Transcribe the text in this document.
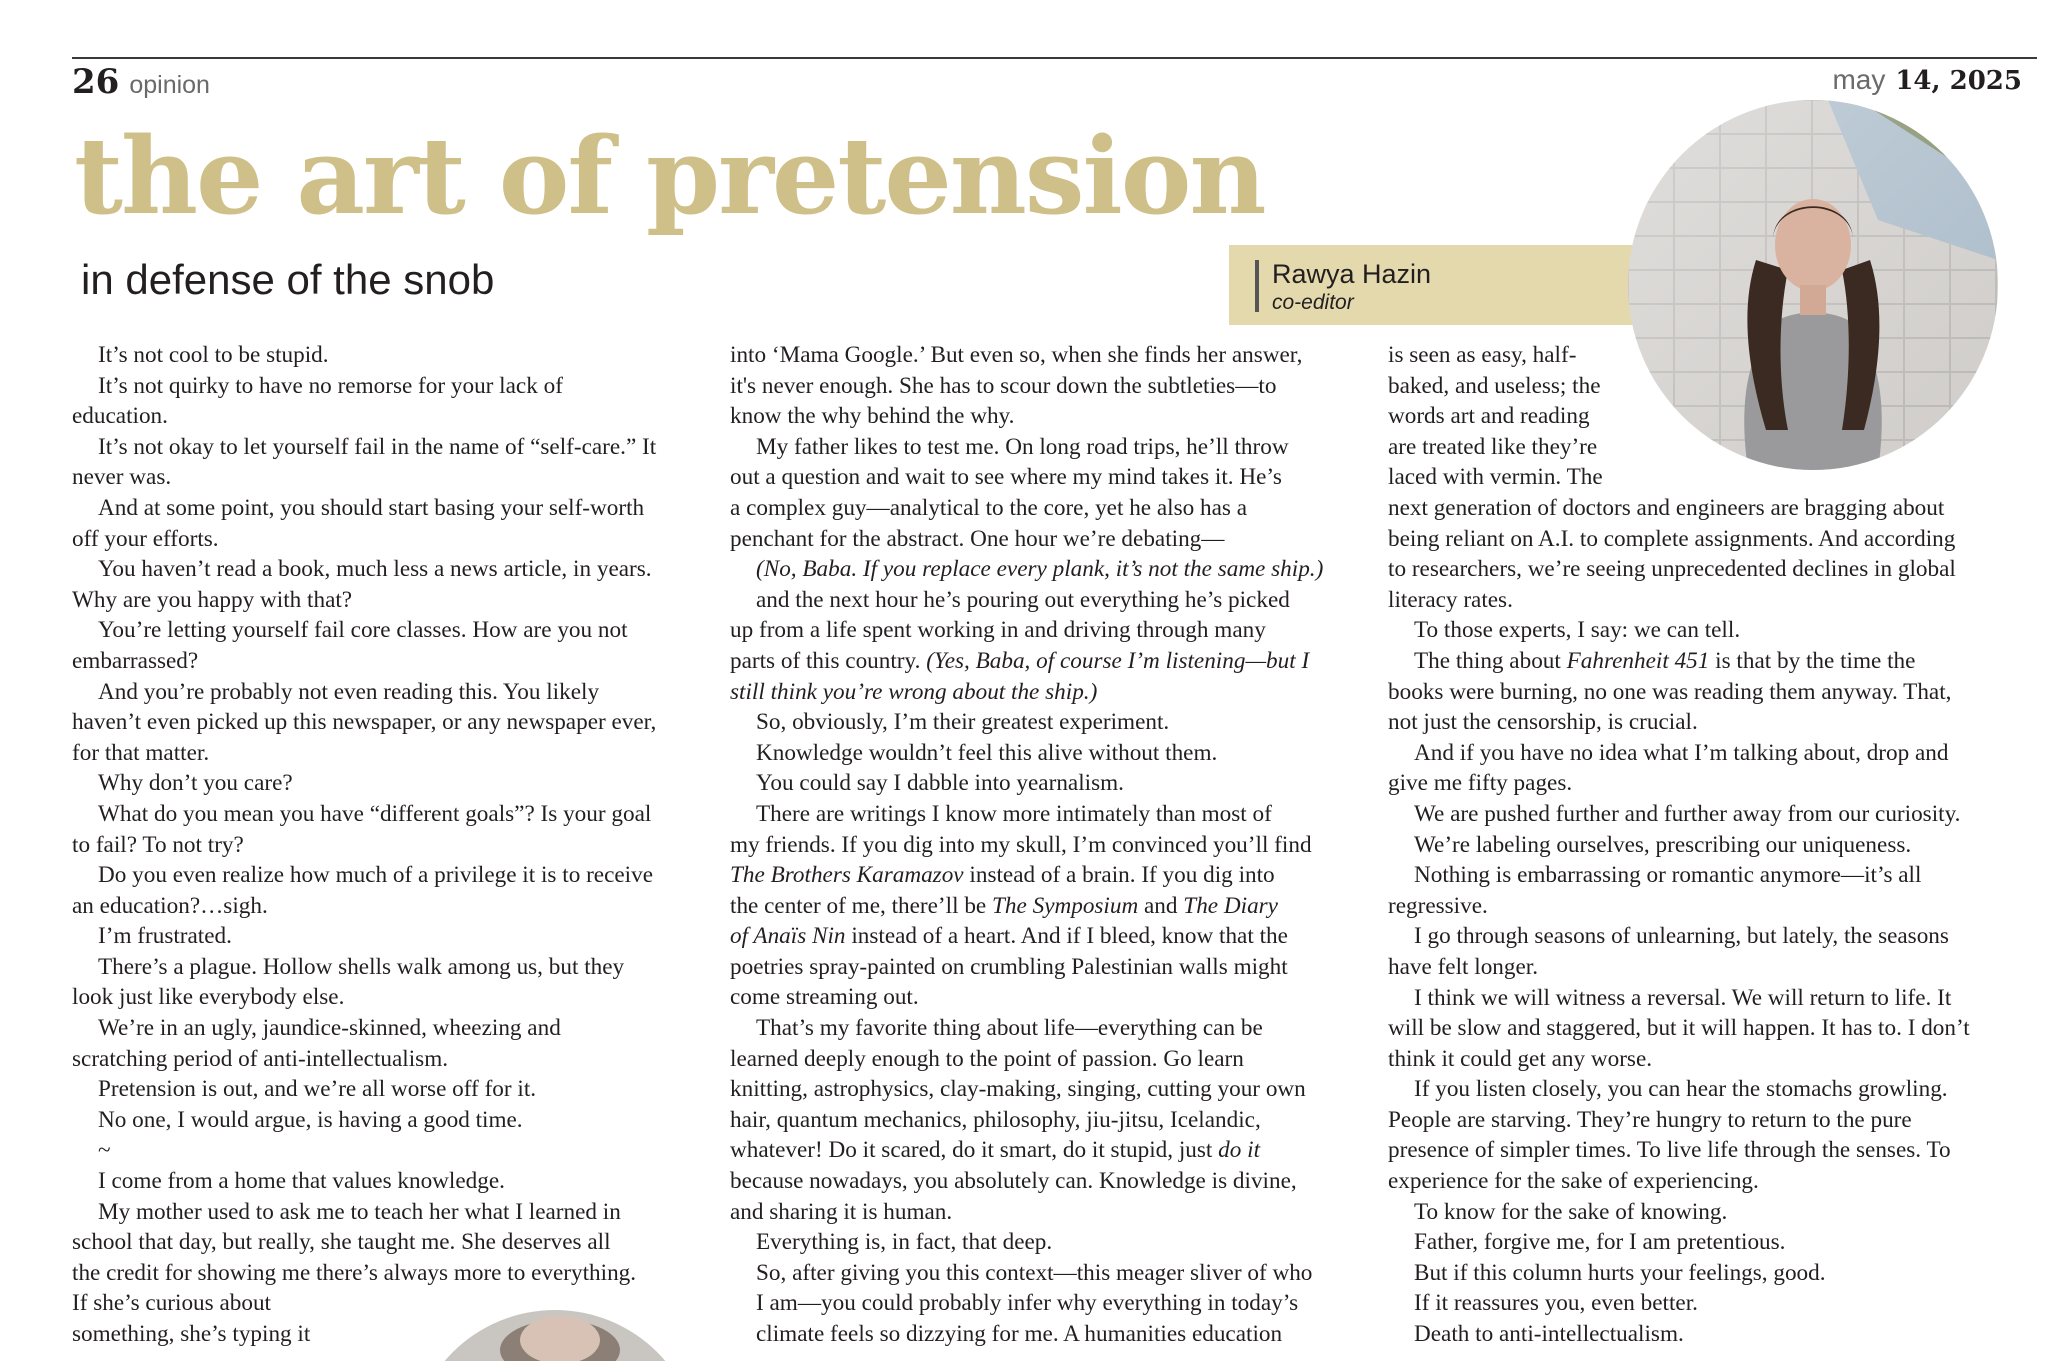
26 opinion	may 14, 2025
the art of pretension
in defense of the snob	Rawya Hazin
co-editor
It’s not cool to be stupid.
It’s not quirky to have no remorse for your lack of
education.
It’s not okay to let yourself fail in the name of “self-care.” It
never was.
And at some point, you should start basing your self-worth
off your efforts.
You haven’t read a book, much less a news article, in years.
Why are you happy with that?
You’re letting yourself fail core classes. How are you not
embarrassed?
And you’re probably not even reading this. You likely
haven’t even picked up this newspaper, or any newspaper ever,
for that matter.
Why don’t you care?
What do you mean you have “different goals”? Is your goal
to fail? To not try?
Do you even realize how much of a privilege it is to receive
an education?…sigh.
I’m frustrated.
There’s a plague. Hollow shells walk among us, but they
look just like everybody else.
We’re in an ugly, jaundice-skinned, wheezing and
scratching period of anti-intellectualism.
Pretension is out, and we’re all worse off for it.
No one, I would argue, is having a good time.
~
I come from a home that values knowledge.
My mother used to ask me to teach her what I learned in
school that day, but really, she taught me. She deserves all
the credit for showing me there’s always more to everything.
If she’s curious about
something, she’s typing it
into ‘Mama Google.’ But even so, when she finds her answer,
it's never enough. She has to scour down the subtleties—to
know the why behind the why.
My father likes to test me. On long road trips, he’ll throw
out a question and wait to see where my mind takes it. He’s
a complex guy—analytical to the core, yet he also has a
penchant for the abstract. One hour we’re debating—
(No, Baba. If you replace every plank, it’s not the same ship.)
and the next hour he’s pouring out everything he’s picked
up from a life spent working in and driving through many
parts of this country. (Yes, Baba, of course I’m listening—but I
still think you’re wrong about the ship.)
So, obviously, I’m their greatest experiment.
Knowledge wouldn’t feel this alive without them.
You could say I dabble into yearnalism.
There are writings I know more intimately than most of
my friends. If you dig into my skull, I’m convinced you’ll find
The Brothers Karamazov instead of a brain. If you dig into
the center of me, there’ll be The Symposium and The Diary
of Anaïs Nin instead of a heart. And if I bleed, know that the
poetries spray-painted on crumbling Palestinian walls might
come streaming out.
That’s my favorite thing about life—everything can be
learned deeply enough to the point of passion. Go learn
knitting, astrophysics, clay-making, singing, cutting your own
hair, quantum mechanics, philosophy, jiu-jitsu, Icelandic,
whatever! Do it scared, do it smart, do it stupid, just do it
because nowadays, you absolutely can. Knowledge is divine,
and sharing it is human.
Everything is, in fact, that deep.
So, after giving you this context—this meager sliver of who
I am—you could probably infer why everything in today’s
climate feels so dizzying for me. A humanities education
is seen as easy, half-
baked, and useless; the
words art and reading
are treated like they’re
laced with vermin. The
next generation of doctors and engineers are bragging about
being reliant on A.I. to complete assignments. And according
to researchers, we’re seeing unprecedented declines in global
literacy rates.
To those experts, I say: we can tell.
The thing about Fahrenheit 451 is that by the time the
books were burning, no one was reading them anyway. That,
not just the censorship, is crucial.
And if you have no idea what I’m talking about, drop and
give me fifty pages.
We are pushed further and further away from our curiosity.
We’re labeling ourselves, prescribing our uniqueness.
Nothing is embarrassing or romantic anymore—it’s all
regressive.
I go through seasons of unlearning, but lately, the seasons
have felt longer.
I think we will witness a reversal. We will return to life. It
will be slow and staggered, but it will happen. It has to. I don’t
think it could get any worse.
If you listen closely, you can hear the stomachs growling.
People are starving. They’re hungry to return to the pure
presence of simpler times. To live life through the senses. To
experience for the sake of experiencing.
To know for the sake of knowing.
Father, forgive me, for I am pretentious.
But if this column hurts your feelings, good.
If it reassures you, even better.
Death to anti-intellectualism.
